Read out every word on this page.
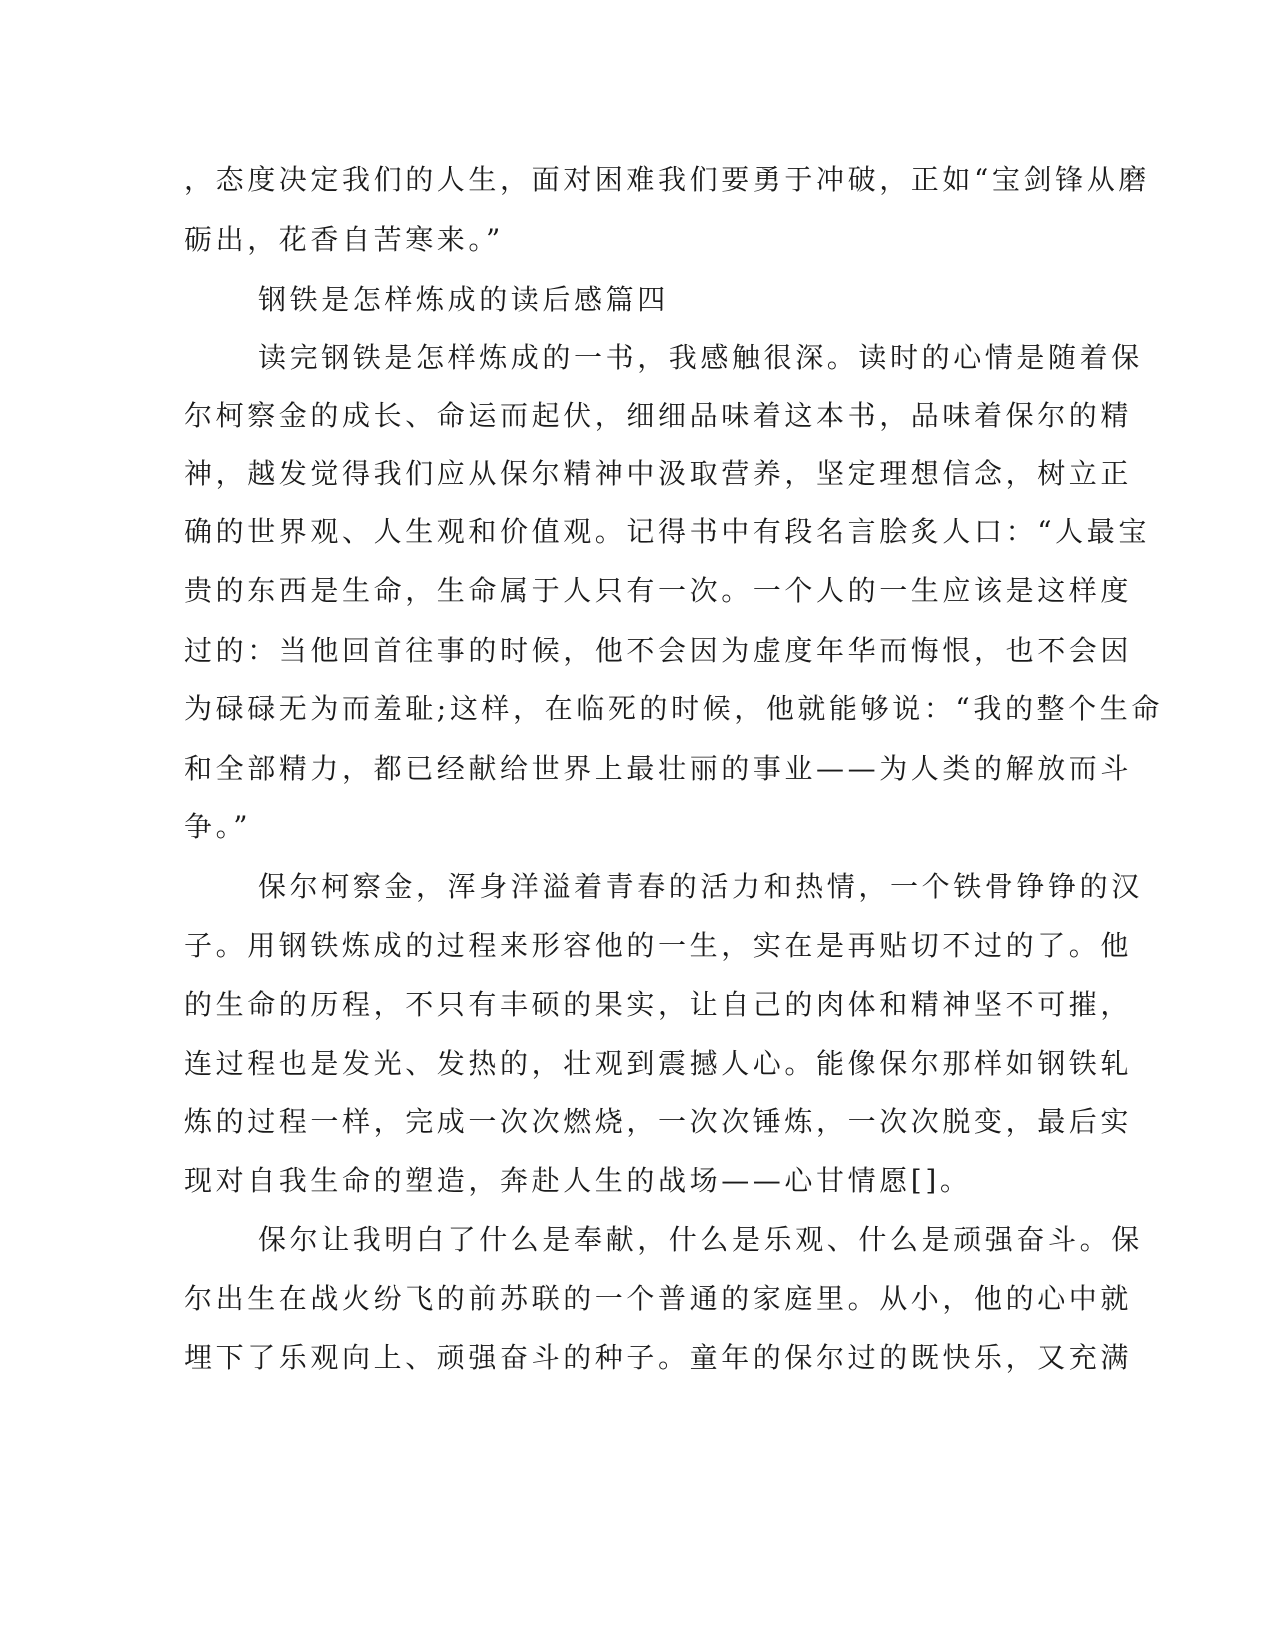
，态度决定我们的人生，面对困难我们要勇于冲破，正如“宝剑锋从磨
砺出，花香自苦寒来。”
钢铁是怎样炼成的读后感篇四
读完钢铁是怎样炼成的一书，我感触很深。读时的心情是随着保
尔柯察金的成长、命运而起伏，细细品味着这本书，品味着保尔的精
神，越发觉得我们应从保尔精神中汲取营养，坚定理想信念，树立正
确的世界观、人生观和价值观。记得书中有段名言脍炙人口：“人最宝
贵的东西是生命，生命属于人只有一次。一个人的一生应该是这样度
过的：当他回首往事的时候，他不会因为虚度年华而悔恨，也不会因
为碌碌无为而羞耻;这样，在临死的时候，他就能够说：“我的整个生命
和全部精力，都已经献给世界上最壮丽的事业——为人类的解放而斗
争。”
保尔柯察金，浑身洋溢着青春的活力和热情，一个铁骨铮铮的汉
子。用钢铁炼成的过程来形容他的一生，实在是再贴切不过的了。他
的生命的历程，不只有丰硕的果实，让自己的肉体和精神坚不可摧，
连过程也是发光、发热的，壮观到震撼人心。能像保尔那样如钢铁轧
炼的过程一样，完成一次次燃烧，一次次锤炼，一次次脱变，最后实
现对自我生命的塑造，奔赴人生的战场——心甘情愿[]。
保尔让我明白了什么是奉献，什么是乐观、什么是顽强奋斗。保
尔出生在战火纷飞的前苏联的一个普通的家庭里。从小，他的心中就
埋下了乐观向上、顽强奋斗的种子。童年的保尔过的既快乐，又充满
